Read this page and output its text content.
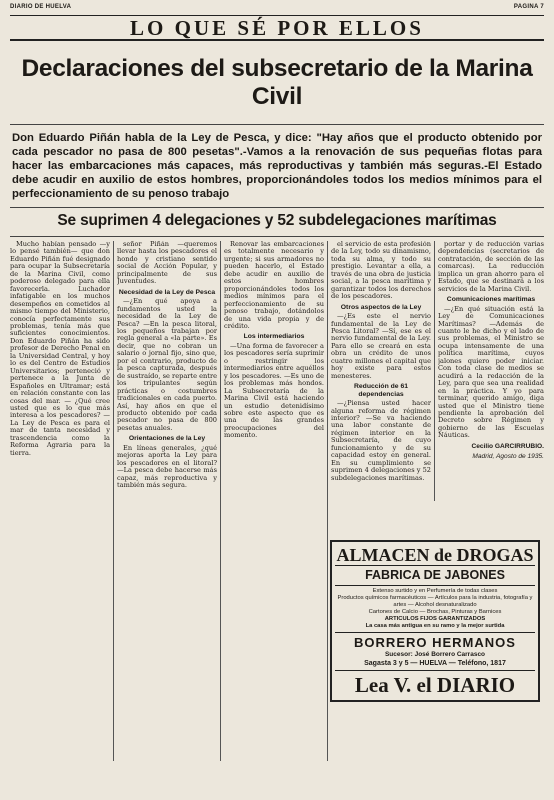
DIARIO DE HUELVA	PAGINA 7
LO QUE SÉ POR ELLOS
Declaraciones del subsecretario de la Marina Civil
Don Eduardo Piñán habla de la Ley de Pesca, y dice: "Hay años que el producto obtenido por cada pescador no pasa de 800 pesetas".-Vamos a la renovación de sus pequeñas flotas para hacer las embarcaciones más capaces, más reproductivas y también más seguras.-El Estado debe acudir en auxilio de estos hombres, proporcionándoles todos los medios mínimos para el perfeccionamiento de su penoso trabajo
Se suprimen 4 delegaciones y 52 subdelegaciones marítimas

Mucho habían pensado —y lo pensé también— que don Eduardo Piñán fué designado para ocupar la Subsecretaría de la Marina Civil, como poderoso delegado para ella favorecerla. Luchador infatigable en los muchos desempeños en cometidos al mismo tiempo del Ministerio, conocía perfectamente sus problemas, tenía más que suficientes conocimientos. Don Eduardo Piñán ha sido profesor de Derecho Penal en la Universidad Central, y hoy lo es del Centro de Estudios Universitarios; perteneció y pertenece a la Junta de Españoles en Ultramar; está en relación constante con las cosas del mar. — ¿Qué cree usted que es lo que más interesa a los pescadores? — La Ley de Pesca es para el mar de tanta necesidad y trascendencia como la Reforma Agraria para la tierra.

señor Piñán —queremos llevar hasta los pescadores el hondo y cristiano sentido social de Acción Popular, y principalmente de sus Juventudes.

Necesidad de la Ley de Pesca

—¿En qué apoya a fundamentos usted la necesidad de la Ley de Pesca? —En la pesca litoral, los pequeños trabajan por regla general a «la parte». Es decir, que no cobran un salario o jornal fijo, sino que, por el contrario, producto de la pesca capturada, después de sustraído, se reparte entre los tripulantes según prácticas o costumbres tradicionales en cada puerto. Así, hay años en que el producto obtenido por cada pescador no pasa de 800 pesetas anuales.

Orientaciones de la Ley

En líneas generales, ¿qué mejoras aporta la Ley para los pescadores en el litoral? —La pesca debe hacerse más capaz, más reproductiva y también más segura.

Renovar las embarcaciones es totalmente necesario y urgente; si sus armadores no pueden hacerlo, el Estado debe acudir en auxilio de estos hombres proporcionándoles todos los medios mínimos para el perfeccionamiento de su penoso trabajo, dotándolos de una vida propia y de crédito.

Los intermediarios

—Una forma de favorecer a los pescadores sería suprimir o restringir los intermediarios entre aquéllos y los pescadores. —Es uno de los problemas más hondos. La Subsecretaría de la Marina Civil está haciendo un estudio detenidísimo sobre este aspecto que es una de las grandes preocupaciones del momento.

el servicio de esta profesión de la Ley, todo su dinamismo, toda su alma, y todo su prestigio. Levantar a ella, a través de una obra de justicia social, a la pesca marítima y garantizar todos los derechos de los pescadores.

Otros aspectos de la Ley

—¿Es este el nervio fundamental de la Ley de Pesca Litoral? —Sí, ese es el nervio fundamental de la Ley. Para ello se creará en esta obra un crédito de unos cuatro millones el capital que hoy existe para estos menesteres.

Reducción de 61 dependencias

—¿Piensa usted hacer alguna reforma de régimen interior? —Se va haciendo una labor constante de régimen interior en la Subsecretaría, de cuyo funcionamiento y de su capacidad estoy en general. En su cumplimiento se suprimen 4 delegaciones y 52 subdelegaciones marítimas.

portar y de reducción varias dependencias (secretarios de contratación, de sección de las comarcas). La reducción implica un gran ahorro para el Estado, que se destinará a los servicios de la Marina Civil.

Comunicaciones marítimas

—¿En qué situación está la Ley de Comunicaciones Marítimas? —Además de cuanto le he dicho y el lado de sus problemas, el Ministro se ocupa intensamente de una política marítima, cuyos jalones quiero poder iniciar. Con toda clase de medios se acudirá a la redacción de la Ley, para que sea una realidad en la práctica. Y yo para terminar, querido amigo, diga usted que el Ministro tiene pendiente la aprobación del Decreto sobre Régimen y gobierno de las Escuelas Náuticas.

Cecilio GARCIRRUBIO.
Madrid, Agosto de 1935.
ALMACEN de DROGAS
FABRICA DE JABONES
Extenso surtido y en Perfumería de todas clases
Productos químicos farmacéuticos — Artículos para la industria, fotografía y artes — Alcohol desnaturalizado
Cartones de Calcio — Brochas, Pinturas y Barnices
ARTICULOS FIJOS GARANTIZADOS
La casa más antigua en su ramo y la mejor surtida
BORRERO HERMANOS
Sucesor: José Borrero Carrasco
Sagasta 3 y 5 — HUELVA — Teléfono, 1817
Lea V. el DIARIO
